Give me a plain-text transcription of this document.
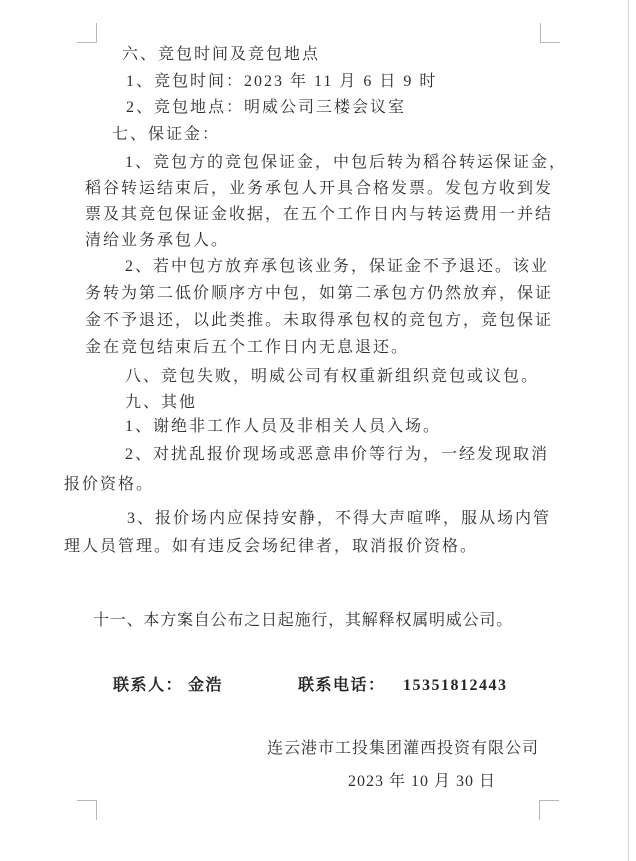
六、竞包时间及竞包地点
1、竞包时间：2023 年 11 月 6 日 9 时
2、竞包地点：明威公司三楼会议室
七、保证金：
1、竞包方的竞包保证金，中包后转为稻谷转运保证金，
稻谷转运结束后，业务承包人开具合格发票。发包方收到发
票及其竞包保证金收据，在五个工作日内与转运费用一并结
清给业务承包人。
2、若中包方放弃承包该业务，保证金不予退还。该业
务转为第二低价顺序方中包，如第二承包方仍然放弃，保证
金不予退还，以此类推。未取得承包权的竞包方，竞包保证
金在竞包结束后五个工作日内无息退还。
八、竞包失败，明威公司有权重新组织竞包或议包。
九、其他
1、谢绝非工作人员及非相关人员入场。
2、对扰乱报价现场或恶意串价等行为，一经发现取消
报价资格。
3、报价场内应保持安静，不得大声喧哗，服从场内管
理人员管理。如有违反会场纪律者，取消报价资格。
十一、本方案自公布之日起施行，其解释权属明威公司。
联系人： 金浩	联系电话： 15351812443
连云港市工投集团灌西投资有限公司
2023 年 10 月 30 日
